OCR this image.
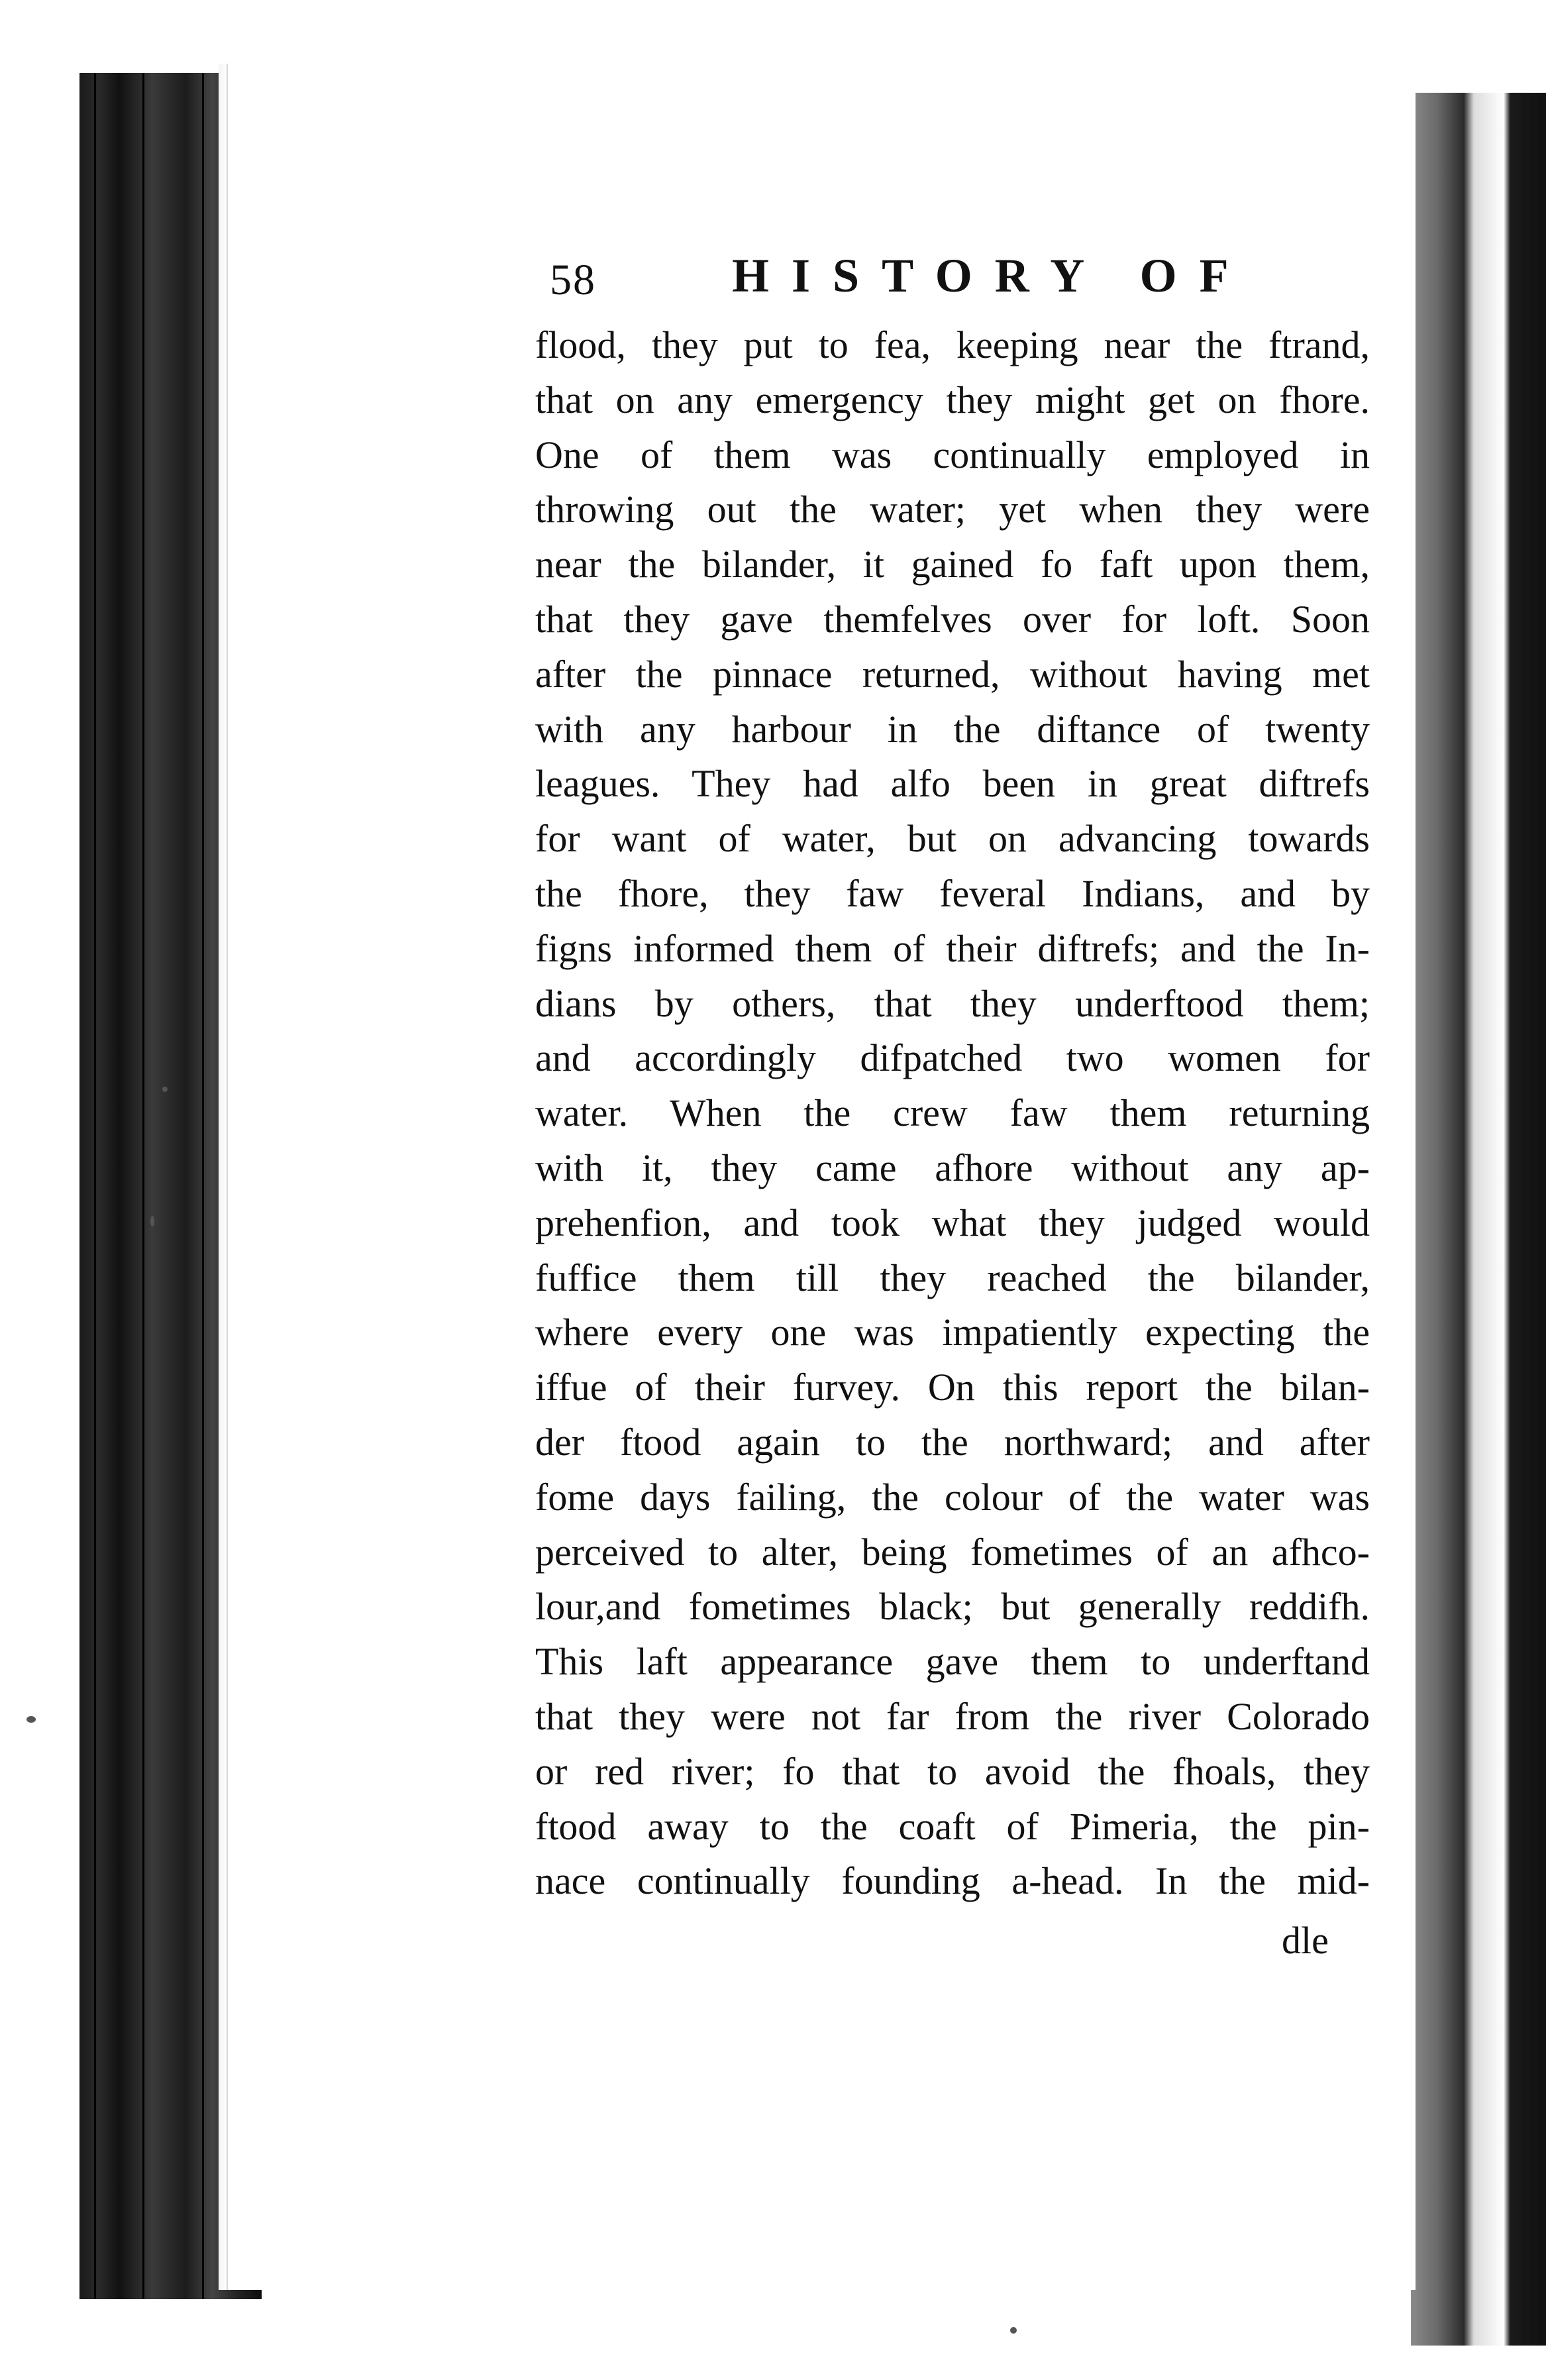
58	HISTORY OF
flood, they put to fea, keeping near the ftrand,
that on any emergency they might get on fhore.
One of them was continually employed in
throwing out the water; yet when they were
near the bilander, it gained fo faft upon them,
that they gave themfelves over for loft. Soon
after the pinnace returned, without having met
with any harbour in the diftance of twenty
leagues. They had alfo been in great diftrefs
for want of water, but on advancing towards
the fhore, they faw feveral Indians, and by
figns informed them of their diftrefs; and the In-
dians by others, that they underftood them;
and accordingly difpatched two women for
water. When the crew faw them returning
with it, they came afhore without any ap-
prehenfion, and took what they judged would
fuffice them till they reached the bilander,
where every one was impatiently expecting the
iffue of their furvey. On this report the bilan-
der ftood again to the northward; and after
fome days failing, the colour of the water was
perceived to alter, being fometimes of an afhco-
lour,and fometimes black; but generally reddifh.
This laft appearance gave them to underftand
that they were not far from the river Colorado
or red river; fo that to avoid the fhoals, they
ftood away to the coaft of Pimeria, the pin-
nace continually founding a-head. In the mid-
dle
